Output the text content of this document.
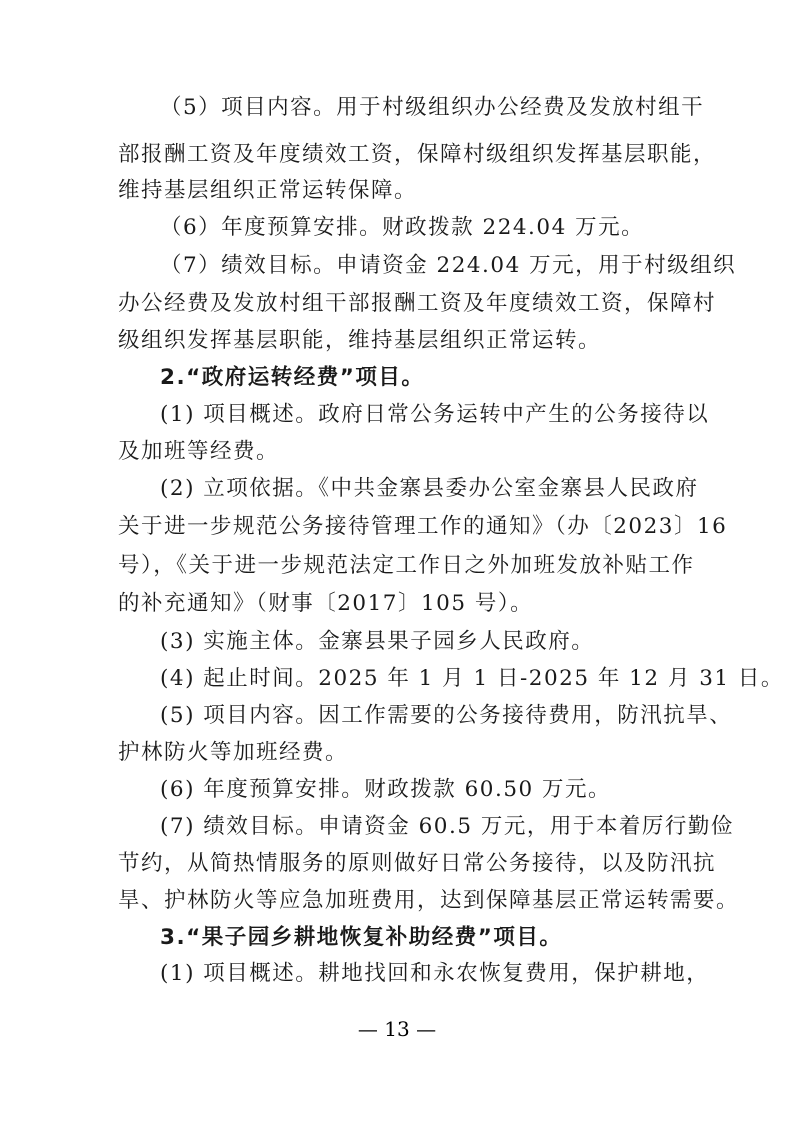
（5）项目内容。用于村级组织办公经费及发放村组干
部报酬工资及年度绩效工资，保障村级组织发挥基层职能，
维持基层组织正常运转保障。
（6）年度预算安排。财政拨款 224.04 万元。
（7）绩效目标。申请资金 224.04 万元，用于村级组织
办公经费及发放村组干部报酬工资及年度绩效工资，保障村
级组织发挥基层职能，维持基层组织正常运转。
2.“政府运转经费”项目。
(1) 项目概述。政府日常公务运转中产生的公务接待以
及加班等经费。
(2) 立项依据。《中共金寨县委办公室金寨县人民政府
关于进一步规范公务接待管理工作的通知》（办〔2023〕16
号），《关于进一步规范法定工作日之外加班发放补贴工作
的补充通知》（财事〔2017〕105 号）。
(3) 实施主体。金寨县果子园乡人民政府。
(4) 起止时间。2025 年 1 月 1 日-2025 年 12 月 31 日。
(5) 项目内容。因工作需要的公务接待费用，防汛抗旱、
护林防火等加班经费。
(6) 年度预算安排。财政拨款 60.50 万元。
(7) 绩效目标。申请资金 60.5 万元，用于本着厉行勤俭
节约，从简热情服务的原则做好日常公务接待，以及防汛抗
旱、护林防火等应急加班费用，达到保障基层正常运转需要。
3.“果子园乡耕地恢复补助经费”项目。
(1) 项目概述。耕地找回和永农恢复费用，保护耕地，
— 13 —
